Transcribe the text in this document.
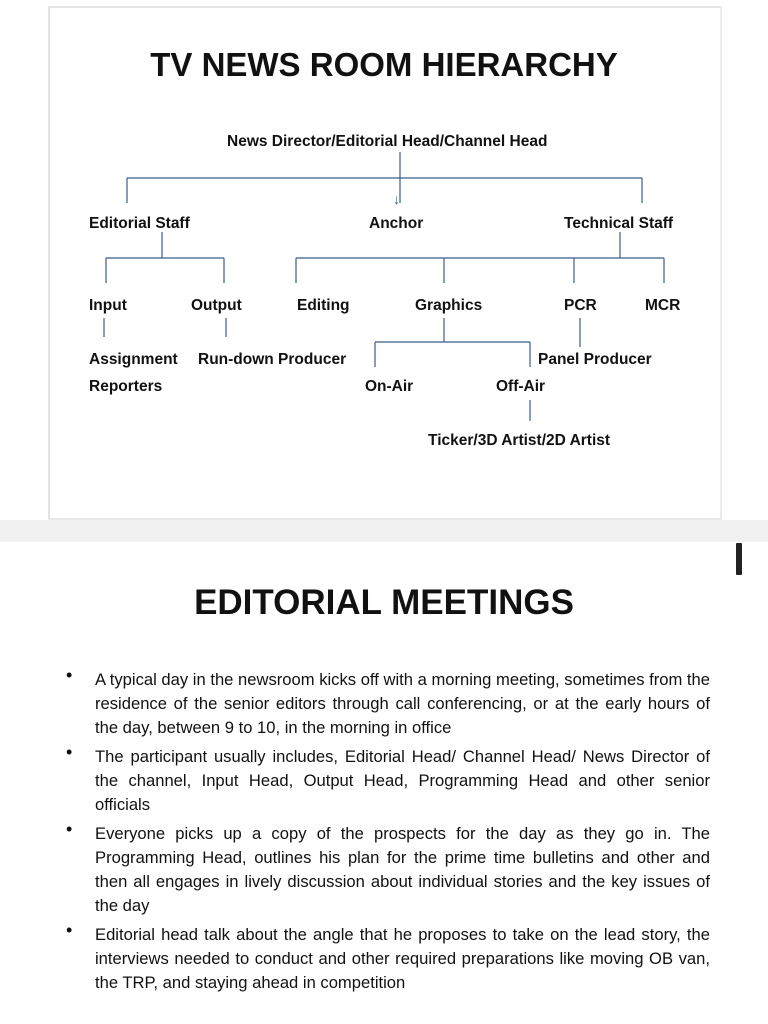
TV NEWS ROOM HIERARCHY
↓
News Director/Editorial Head/Channel Head
Editorial Staff	Anchor	Technical Staff
Input	Output	Editing	Graphics	PCR	MCR
Assignment
Reporters
Run-down Producer
On-Air	Off-Air
Panel Producer
Ticker/3D Artist/2D Artist
EDITORIAL MEETINGS
• A typical day in the newsroom kicks off with a morning meeting, sometimes from the residence of the senior editors through call conferencing, or at the early hours of the day, between 9 to 10, in the morning in office
• The participant usually includes, Editorial Head/ Channel Head/ News Director of the channel, Input Head, Output Head, Programming Head and other senior officials
• Everyone picks up a copy of the prospects for the day as they go in. The Programming Head, outlines his plan for the prime time bulletins and other and then all engages in lively discussion about individual stories and the key issues of the day
• Editorial head talk about the angle that he proposes to take on the lead story, the interviews needed to conduct and other required preparations like moving OB van, the TRP, and staying ahead in competition
